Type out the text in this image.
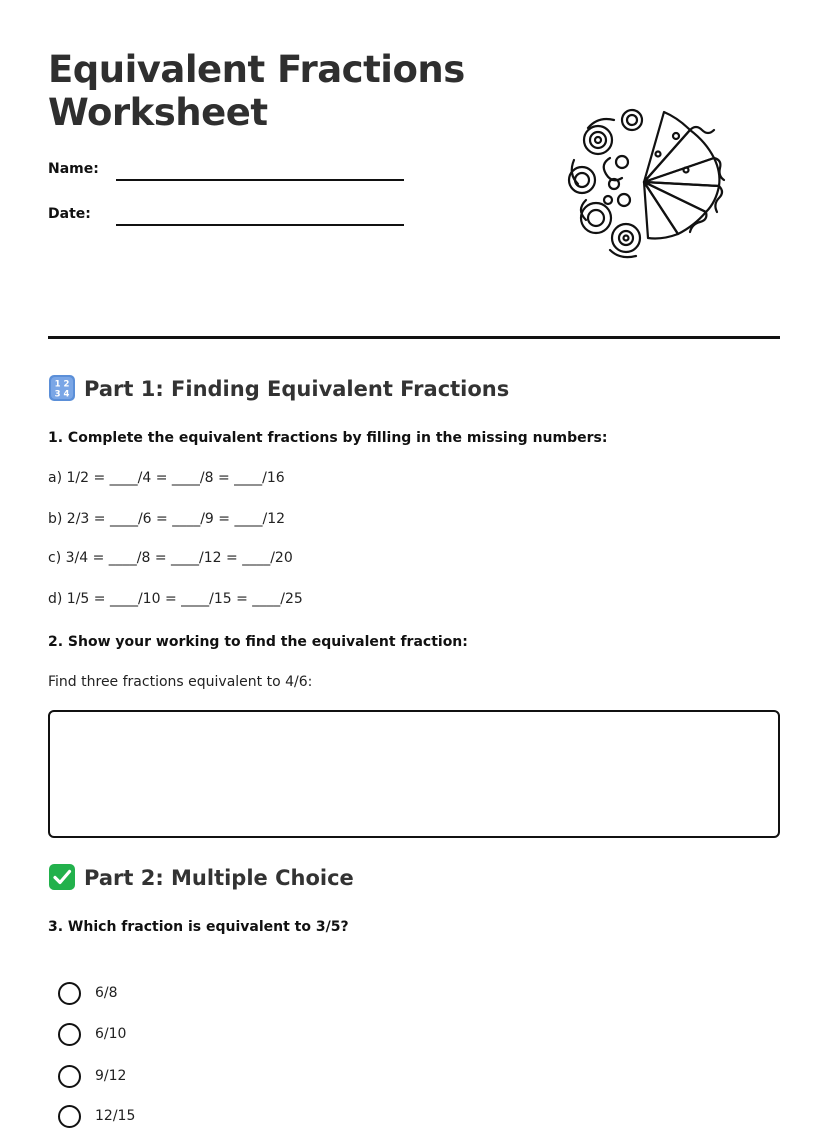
Equivalent Fractions
Worksheet
Name:
Date:
1 2
3 4 Part 1: Finding Equivalent Fractions
1. Complete the equivalent fractions by filling in the missing numbers:
a) 1/2 = ____/4 = ____/8 = ____/16
b) 2/3 = ____/6 = ____/9 = ____/12
c) 3/4 = ____/8 = ____/12 = ____/20
d) 1/5 = ____/10 = ____/15 = ____/25
2. Show your working to find the equivalent fraction:
Find three fractions equivalent to 4/6:
Part 2: Multiple Choice
3. Which fraction is equivalent to 3/5?
6/8
6/10
9/12
12/15
